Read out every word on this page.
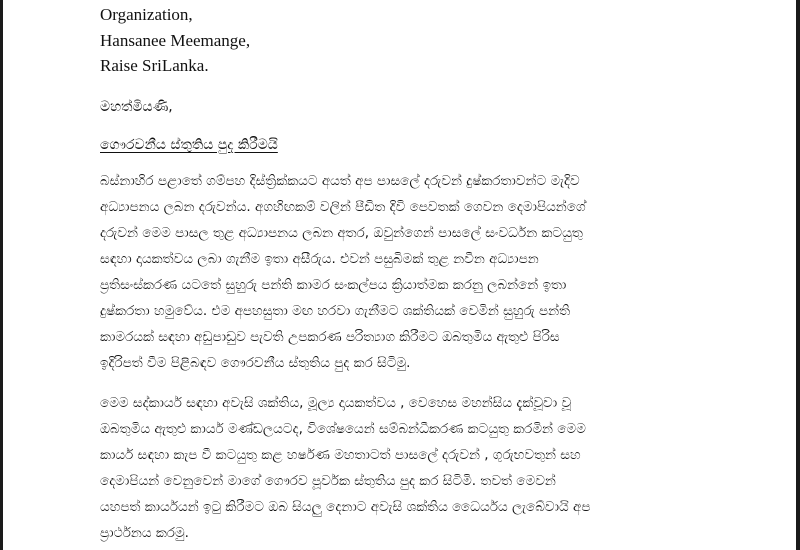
Organization,
Hansanee Meemange,
Raise SriLanka.
මහත්මියණි,
ගෞරවනීය ස්තුතිය පුද කිරීමයි
බස්නාහිර පළාතේ ගම්පහ දිස්ත්‍රික්කයට අයත් අප පාසලේ දරුවන් දුෂ්කරතාවන්ට මැදිව
අධ්‍යාපනය ලබන දරුවන්ය. අගහිඟකම් වලින් පීඩිත දිවි පෙවතක් ගෙවන දෙමාපියන්ගේ
දරුවන් මෙම පාසල තුළ අධ්‍යාපනය ලබන අතර, ඔවුන්ගෙන් පාසලේ සංවර්ධන කටයුතු
සඳහා දායකත්වය ලබා ගැනීම ඉතා අසීරුය. එවන් පසුබිමක් තුළ නවීන අධ්‍යාපන
ප්‍රතිසංස්කරණ යටතේ සුහුරු පන්ති කාමර සංකල්පය ක්‍රියාත්මක කරනු ලබන්නේ ඉතා
දුෂ්කරතා හමුවේය. එම අපහසුතා මඟ හරවා ගැනීමට ශක්තියක් වෙමින් සුහුරු පන්ති
කාමරයක් සඳහා අඩුපාඩුව පැවති උපකරණ පරිත්‍යාග කිරීමට ඔබතුමිය ඇතුළු පිරිස
ඉදිරිපත් වීම පිළිබඳව ගෞරවනීය ස්තුතිය පුද කර සිටිමු.
මෙම සද්කාර්ය සඳහා අවැසි ශක්තිය, මූල්‍ය දායකත්වය , වෙහෙස මහන්සිය දැක්වූවා වූ
ඔබතුමිය ඇතුළු කාර්ය මණ්ඩලයටද, විශේෂයෙන් සම්බන්ධීකරණ කටයුතු කරමින් මෙම
කාර්ය සඳහා කැප වී කටයුතු කළ හර්ෂණ මහතාටත් පාසලේ දරුවන් , ගුරුභවතුන් සහ
දෙමාපියන් වෙනුවෙන් මාගේ ගෞරව පූර්වක ස්තුතිය පුද කර සිටිමි. තවත් මෙවන්
යහපත් කාර්යයන් ඉටු කිරීමට ඔබ සියලු දෙනාට අවැසි ශක්තිය ධෛර්යය ලැබේවායි අප
ප්‍රාර්ථනය කරමු.
